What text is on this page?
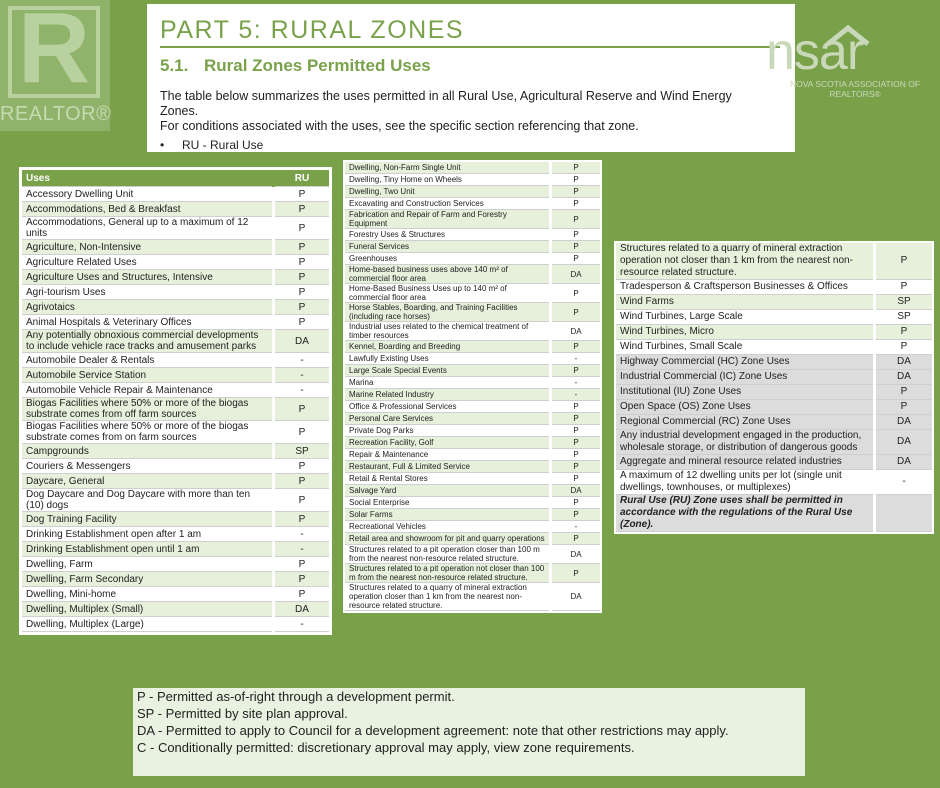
R
REALTOR®
PART 5: RURAL ZONES
5.1. Rural Zones Permitted Uses
The table below summarizes the uses permitted in all Rural Use, Agricultural Reserve and Wind Energy Zones.
For conditions associated with the uses, see the specific section referencing that zone.
• RU - Rural Use
nsar
NOVA SCOTIA ASSOCIATION OF REALTORS®
Uses	RU
Accessory Dwelling Unit	P
Accommodations, Bed & Breakfast	P
Accommodations, General up to a maximum of 12 units	P
Agriculture, Non-Intensive	P
Agriculture Related Uses	P
Agriculture Uses and Structures, Intensive	P
Agri-tourism Uses	P
Agrivotaics	P
Animal Hospitals & Veterinary Offices	P
Any potentially obnoxious commercial developments to include vehicle race tracks and amusement parks	DA
Automobile Dealer & Rentals	-
Automobile Service Station	-
Automobile Vehicle Repair & Maintenance	-
Biogas Facilities where 50% or more of the biogas substrate comes from off farm sources	P
Biogas Facilities where 50% or more of the biogas substrate comes from on farm sources	P
Campgrounds	SP
Couriers & Messengers	P
Daycare, General	P
Dog Daycare and Dog Daycare with more than ten (10) dogs	P
Dog Training Facility	P
Drinking Establishment open after 1 am	-
Drinking Establishment open until 1 am	-
Dwelling, Farm	P
Dwelling, Farm Secondary	P
Dwelling, Mini-home	P
Dwelling, Multiplex (Small)	DA
Dwelling, Multiplex (Large)	-
Dwelling, Non-Farm Single Unit	P
Dwelling, Tiny Home on Wheels	P
Dwelling, Two Unit	P
Excavating and Construction Services	P
Fabrication and Repair of Farm and Forestry Equipment	P
Forestry Uses & Structures	P
Funeral Services	P
Greenhouses	P
Home-based business uses above 140 m² of commercial floor area	DA
Home-Based Business Uses up to 140 m² of commercial floor area	P
Horse Stables, Boarding, and Training Facilities (including race horses)	P
Industrial uses related to the chemical treatment of timber resources	DA
Kennel, Boarding and Breeding	P
Lawfully Existing Uses	-
Large Scale Special Events	P
Marina	-
Marine Related Industry	-
Office & Professional Services	P
Personal Care Services	P
Private Dog Parks	P
Recreation Facility, Golf	P
Repair & Maintenance	P
Restaurant, Full & Limited Service	P
Retail & Rental Stores	P
Salvage Yard	DA
Social Enterprise	P
Solar Farms	P
Recreational Vehicles	-
Retail area and showroom for pit and quarry operations	P
Structures related to a pit operation closer than 100 m from the nearest non-resource related structure.	DA
Structures related to a pit operation not closer than 100 m from the nearest non-resource related structure.	P
Structures related to a quarry of mineral extraction operation closer than 1 km from the nearest non-resource related structure.	DA
Structures related to a quarry of mineral extraction operation not closer than 1 km from the nearest non-resource related structure.	P
Tradesperson & Craftsperson Businesses & Offices	P
Wind Farms	SP
Wind Turbines, Large Scale	SP
Wind Turbines, Micro	P
Wind Turbines, Small Scale	P
Highway Commercial (HC) Zone Uses	DA
Industrial Commercial (IC) Zone Uses	DA
Institutional (IU) Zone Uses	P
Open Space (OS) Zone Uses	P
Regional Commercial (RC) Zone Uses	DA
Any industrial development engaged in the production, wholesale storage, or distribution of dangerous goods	DA
Aggregate and mineral resource related industries	DA
A maximum of 12 dwelling units per lot (single unit dwellings, townhouses, or multiplexes)	-
Rural Use (RU) Zone uses shall be permitted in accordance with the regulations of the Rural Use (Zone).	
P - Permitted as-of-right through a development permit.
SP - Permitted by site plan approval.
DA - Permitted to apply to Council for a development agreement: note that other restrictions may apply.
C - Conditionally permitted: discretionary approval may apply, view zone requirements.
